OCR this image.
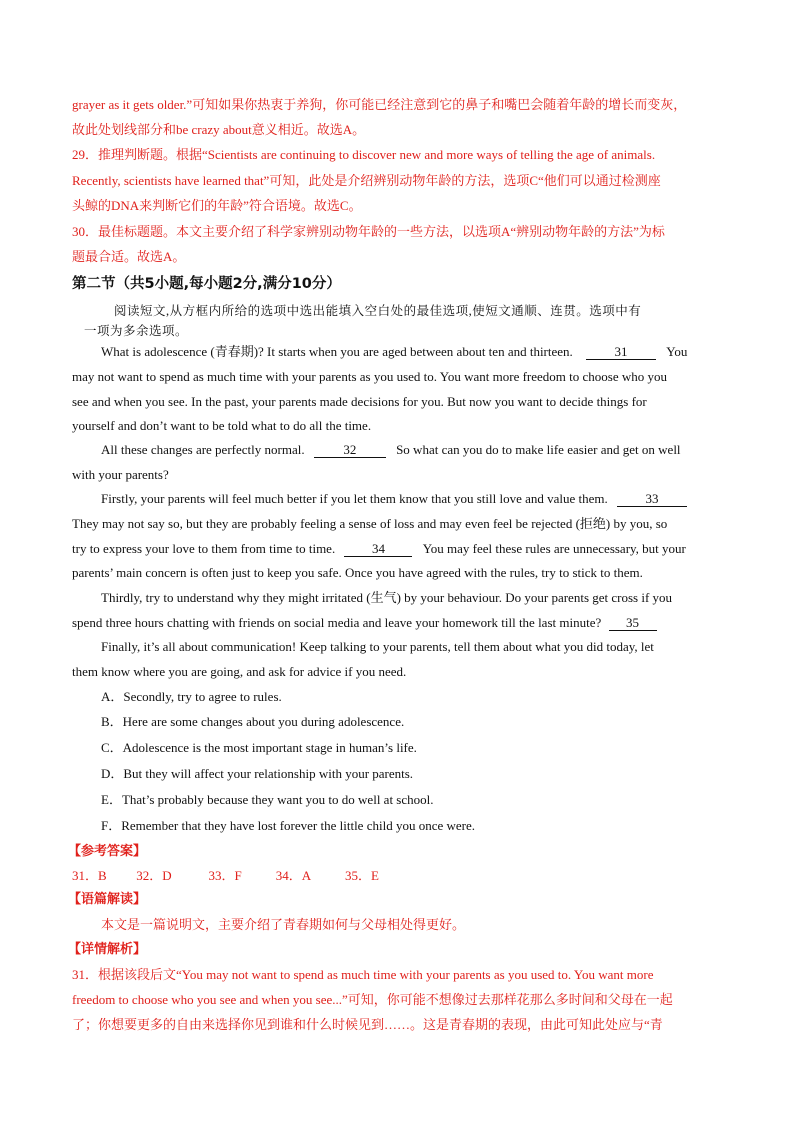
grayer as it gets older.”可知如果你热衷于养狗，你可能已经注意到它的鼻子和嘴巴会随着年龄的增长而变灰，
故此处划线部分和be crazy about意义相近。故选A。
29．推理判断题。根据“Scientists are continuing to discover new and more ways of telling the age of animals.
Recently, scientists have learned that”可知，此处是介绍辨别动物年龄的方法，选项C“他们可以通过检测座
头鲸的DNA来判断它们的年龄”符合语境。故选C。
30．最佳标题题。本文主要介绍了科学家辨别动物年龄的一些方法，以选项A“辨别动物年龄的方法”为标
题最合适。故选A。
第二节（共5小题,每小题2分,满分10分）
阅读短文,从方框内所给的选项中选出能填入空白处的最佳选项,使短文通顺、连贯。选项中有
一项为多余选项。
What is adolescence (青春期)? It starts when you are aged between about ten and thirteen.	31	You
may not want to spend as much time with your parents as you used to. You want more freedom to choose who you
see and when you see. In the past, your parents made decisions for you. But now you want to decide things for
yourself and don’t want to be told what to do all the time.
All these changes are perfectly normal.	32	So what can you do to make life easier and get on well
with your parents?
Firstly, your parents will feel much better if you let them know that you still love and value them.	33
They may not say so, but they are probably feeling a sense of loss and may even feel be rejected (拒绝) by you, so
try to express your love to them from time to time.	34	You may feel these rules are unnecessary, but your
parents’ main concern is often just to keep you safe. Once you have agreed with the rules, try to stick to them.
Thirdly, try to understand why they might irritated (生气) by your behaviour. Do your parents get cross if you
spend three hours chatting with friends on social media and leave your homework till the last minute? 35
Finally, it’s all about communication! Keep talking to your parents, tell them about what you did today, let
them know where you are going, and ask for advice if you need.
A．Secondly, try to agree to rules.
B．Here are some changes about you during adolescence.
C．Adolescence is the most important stage in human’s life.
D．But they will affect your relationship with your parents.
E．That’s probably because they want you to do well at school.
F．Remember that they have lost forever the little child you once were.
【参考答案】
31．B 32．D	33．F	34．A	35．E
【语篇解读】
本文是一篇说明文，主要介绍了青春期如何与父母相处得更好。
【详情解析】
31．根据该段后文“You may not want to spend as much time with your parents as you used to. You want more
freedom to choose who you see and when you see...”可知，你可能不想像过去那样花那么多时间和父母在一起
了；你想要更多的自由来选择你见到谁和什么时候见到……。这是青春期的表现，由此可知此处应与“青
